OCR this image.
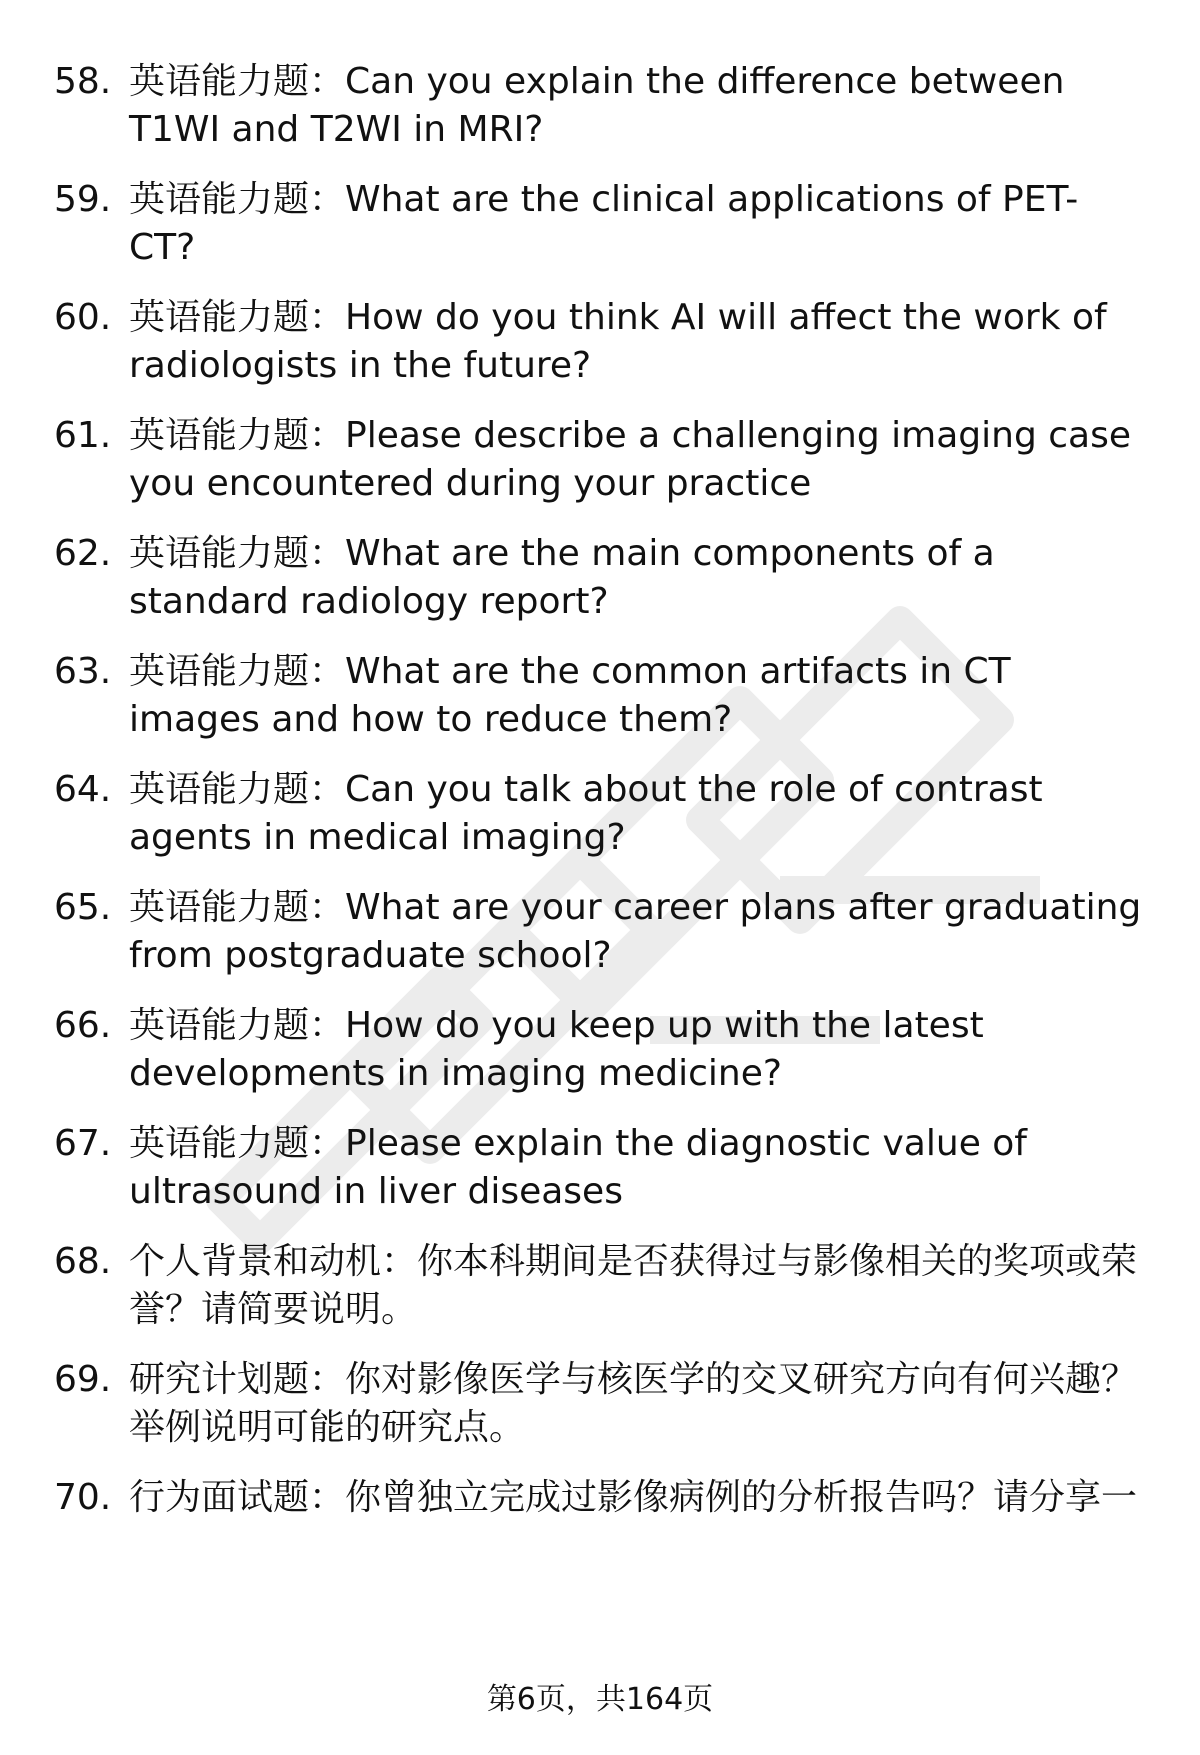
58. 英语能力题：Can you explain the difference between T1WI and T2WI in MRI?
59. 英语能力题：What are the clinical applications of PET-CT?
60. 英语能力题：How do you think AI will affect the work of radiologists in the future?
61. 英语能力题：Please describe a challenging imaging case you encountered during your practice
62. 英语能力题：What are the main components of a standard radiology report?
63. 英语能力题：What are the common artifacts in CT images and how to reduce them?
64. 英语能力题：Can you talk about the role of contrast agents in medical imaging?
65. 英语能力题：What are your career plans after graduating from postgraduate school?
66. 英语能力题：How do you keep up with the latest developments in imaging medicine?
67. 英语能力题：Please explain the diagnostic value of ultrasound in liver diseases
68. 个人背景和动机：你本科期间是否获得过与影像相关的奖项或荣誉？请简要说明。
69. 研究计划题：你对影像医学与核医学的交叉研究方向有何兴趣？举例说明可能的研究点。
70. 行为面试题：你曾独立完成过影像病例的分析报告吗？请分享一
第6页，共164页
